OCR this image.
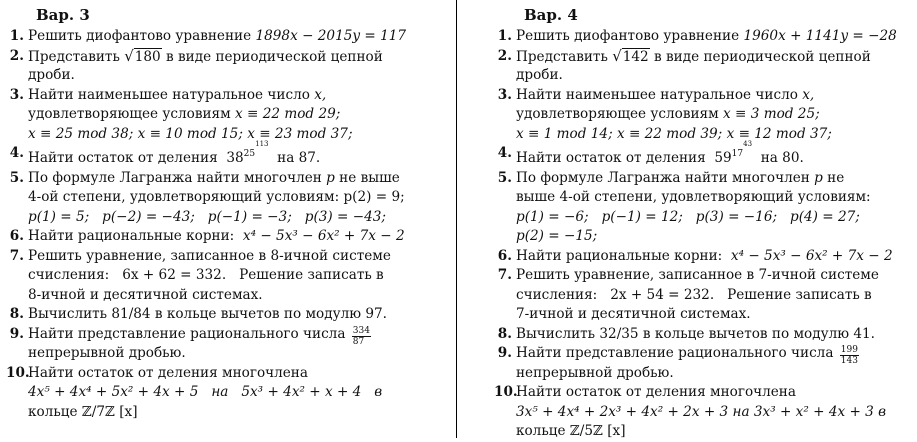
Вар. 3
1. Решить диофантово уравнение 1898x − 2015y = 117
2. Представить √180 в виде периодической цепной
дроби.
3. Найти наименьшее натуральное число x,
удовлетворяющее условиям x ≡ 22 mod 29;
x ≡ 25 mod 38; x ≡ 10 mod 15; x ≡ 23 mod 37;
4. Найти остаток от деления $38^{25^{113}}$  на 87.
5. По формуле Лагранжа найти многочлен p не выше
4-ой степени, удовлетворяющий условиям: p(2) = 9;
p(1) = 5;   p(−2) = −43;   p(−1) = −3;   p(3) = −43;
6. Найти рациональные корни: x⁴ − 5x³ − 6x² + 7x − 2
7. Решить уравнение, записанное в 8-ичной системе
счисления:   6x + 62 = 332.   Решение записать в
8-ичной и десятичной системах.
8. Вычислить 81/84 в кольце вычетов по модулю 97.
9. Найти представление рационального числа $\frac{334}{87}$
непрерывной дробью.
10.
Найти остаток от деления многочлена
4x⁵ + 4x⁴ + 5x² + 4x + 5   на   5x³ + 4x² + x + 4   в
кольце ℤ/7ℤ [x]
Вар. 4
1. Решить диофантово уравнение 1960x + 1141y = −28
2. Представить √142 в виде периодической цепной
дроби.
3. Найти наименьшее натуральное число x,
удовлетворяющее условиям x ≡ 3 mod 25;
x ≡ 1 mod 14; x ≡ 22 mod 39; x ≡ 12 mod 37;
4. Найти остаток от деления $59^{17^{43}}$  на 80.
5. По формуле Лагранжа найти многочлен p не
выше 4-ой степени, удовлетворяющий условиям:
p(1) = −6;   p(−1) = 12;   p(3) = −16;   p(4) = 27;
p(2) = −15;
6. Найти рациональные корни: x⁴ − 5x³ − 6x² + 7x − 2
7. Решить уравнение, записанное в 7-ичной системе
счисления:   2x + 54 = 232.   Решение записать в
7-ичной и десятичной системах.
8. Вычислить 32/35 в кольце вычетов по модулю 41.
9. Найти представление рационального числа $\frac{199}{143}$
непрерывной дробью.
10.
Найти остаток от деления многочлена
3x⁵ + 4x⁴ + 2x³ + 4x² + 2x + 3 на 3x³ + x² + 4x + 3 в
кольце ℤ/5ℤ [x]
